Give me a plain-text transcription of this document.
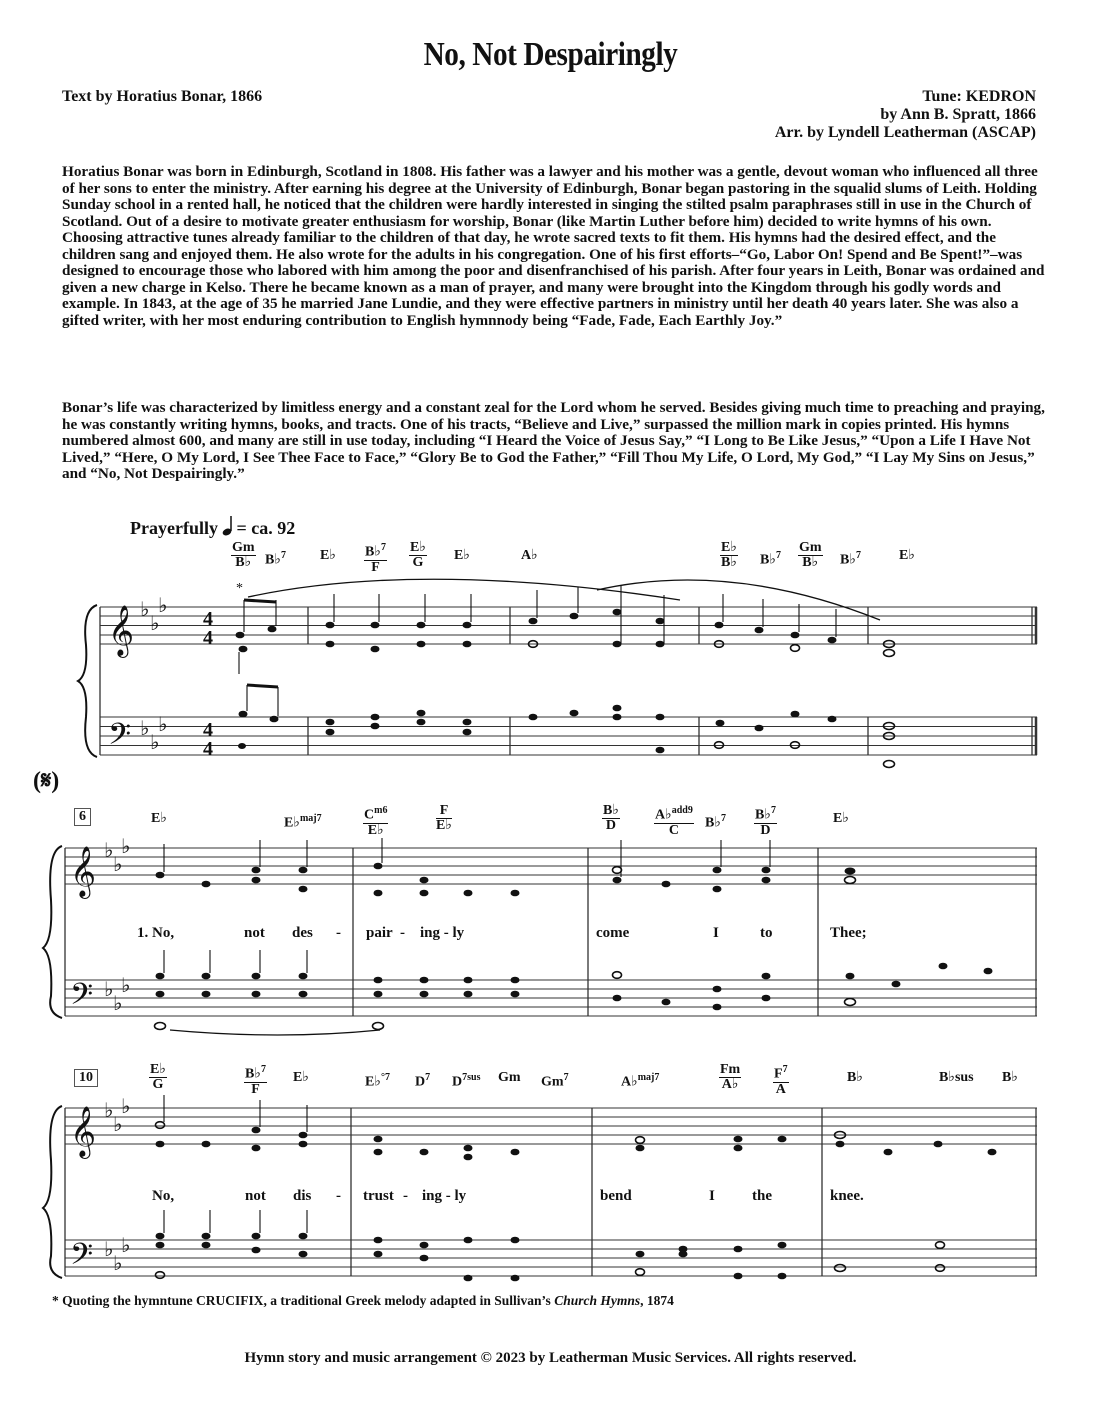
No, Not Despairingly
Text by Horatius Bonar, 1866	Tune: KEDRON
by Ann B. Spratt, 1866
Arr. by Lyndell Leatherman (ASCAP)

Horatius Bonar was born in Edinburgh, Scotland in 1808. His father was a lawyer and his mother was a gentle, devout woman who influenced all three of her sons to enter the ministry. After earning his degree at the University of Edinburgh, Bonar began pastoring in the squalid slums of Leith. Holding Sunday school in a rented hall, he noticed that the children were hardly interested in singing the stilted psalm paraphrases still in use in the Church of Scotland. Out of a desire to motivate greater enthusiasm for worship, Bonar (like Martin Luther before him) decided to write hymns of his own. Choosing attractive tunes already familiar to the children of that day, he wrote sacred texts to fit them. His hymns had the desired effect, and the children sang and enjoyed them. He also wrote for the adults in his congregation. One of his first efforts–“Go, Labor On! Spend and Be Spent!”–was designed to encourage those who labored with him among the poor and disenfranchised of his parish. After four years in Leith, Bonar was ordained and given a new charge in Kelso. There he became known as a man of prayer, and many were brought into the Kingdom through his godly words and example. In 1843, at the age of 35 he married Jane Lundie, and they were effective partners in ministry until her death 40 years later. She was also a gifted writer, with her most enduring contribution to English hymnnody being “Fade, Fade, Each Earthly Joy.”

Bonar’s life was characterized by limitless energy and a constant zeal for the Lord whom he served. Besides giving much time to preaching and praying, he was constantly writing hymns, books, and tracts. One of his tracts, “Believe and Live,” surpassed the million mark in copies printed. His hymns numbered almost 600, and many are still in use today, including “I Heard the Voice of Jesus Say,” “I Long to Be Like Jesus,” “Upon a Life I Have Not Lived,” “Here, O My Lord, I See Thee Face to Face,” “Glory Be to God the Father,” “Fill Thou My Life, O Lord, My God,” “I Lay My Sins on Jesus,” and “No, Not Despairingly.”

Prayerfully = ca. 92
(𝄋)
𝄞
𝄢
𝄞
𝄢
𝄞
𝄢
♭
♭
♭
♭
♭
♭
♭
♭
♭
♭
♭
♭
♭
♭
♭
♭
♭
♭
4
4
4
4
*
$\frac{Gm}{B♭}$ B♭$^7$ E♭ $\frac{B♭^7}{F} \frac{E♭}{G}$ E♭	A♭	$\frac{E♭}{B♭}$ B♭$^7$ $\frac{Gm}{B♭}$ B♭$^7$	E♭
E♭	E♭$^{maj7}$	$\frac{C^{m6}}{E♭}$	$\frac{F}{E♭}$	$\frac{B♭}{D} \frac{A♭^{add9}}{C}$ B♭$^7$ $\frac{B♭^7}{D}$	E♭
$\frac{E♭}{G}$	$\frac{B♭^7}{F}$ E♭	E♭$^{^\circ 7}$ $D^7$ $D^{7sus}$ Gm Gm$^7$	A♭$^{maj7}$	$\frac{Fm}{A♭} \frac{F^7}{A}$	B♭	B♭sus B♭
6
10
1. No,	not des - pair - ing - ly	come	I	to	Thee;
No,	not dis - trust - ing - ly	bend	I the	knee.
* Quoting the hymntune CRUCIFIX, a traditional Greek melody adapted in Sullivan’s Church Hymns, 1874
Hymn story and music arrangement © 2023 by Leatherman Music Services. All rights reserved.
